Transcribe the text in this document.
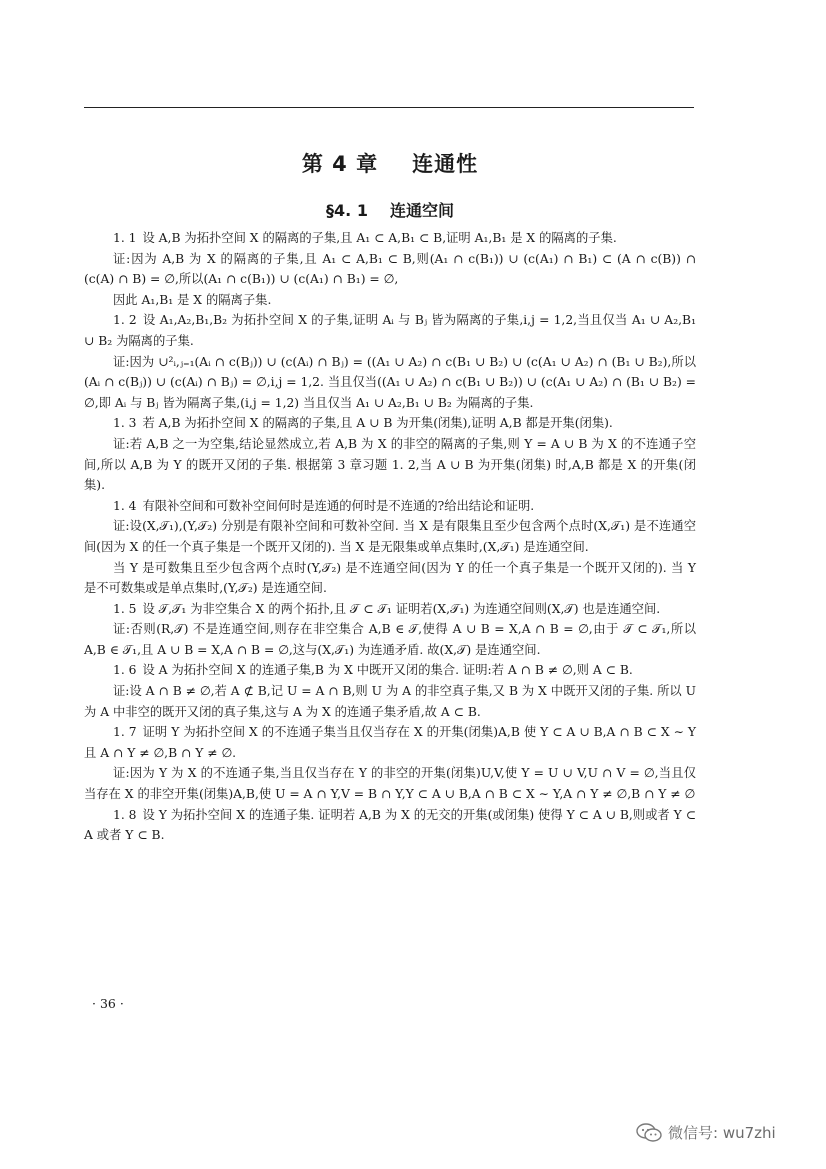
第 4 章 连通性
§4. 1 连通空间

1. 1 设 A,B 为拓扑空间 X 的隔离的子集,且 A₁ ⊂ A,B₁ ⊂ B,证明 A₁,B₁ 是 X 的隔离的子集.

证:因为 A,B 为 X 的隔离的子集,且 A₁ ⊂ A,B₁ ⊂ B,则(A₁ ∩ c(B₁)) ∪ (c(A₁) ∩ B₁) ⊂ (A ∩ c(B)) ∩ (c(A) ∩ B) = ∅,所以(A₁ ∩ c(B₁)) ∪ (c(A₁) ∩ B₁) = ∅,

因此 A₁,B₁ 是 X 的隔离子集.

1. 2 设 A₁,A₂,B₁,B₂ 为拓扑空间 X 的子集,证明 Aᵢ 与 Bⱼ 皆为隔离的子集,i,j = 1,2,当且仅当 A₁ ∪ A₂,B₁ ∪ B₂ 为隔离的子集.

证:因为 ∪²ᵢ,ⱼ₌₁(Aᵢ ∩ c(Bⱼ)) ∪ (c(Aᵢ) ∩ Bⱼ) = ((A₁ ∪ A₂) ∩ c(B₁ ∪ B₂) ∪ (c(A₁ ∪ A₂) ∩ (B₁ ∪ B₂),所以(Aᵢ ∩ c(Bⱼ)) ∪ (c(Aᵢ) ∩ Bⱼ) = ∅,i,j = 1,2. 当且仅当((A₁ ∪ A₂) ∩ c(B₁ ∪ B₂)) ∪ (c(A₁ ∪ A₂) ∩ (B₁ ∪ B₂) = ∅,即 Aᵢ 与 Bⱼ 皆为隔离子集,(i,j = 1,2) 当且仅当 A₁ ∪ A₂,B₁ ∪ B₂ 为隔离的子集.

1. 3 若 A,B 为拓扑空间 X 的隔离的子集,且 A ∪ B 为开集(闭集),证明 A,B 都是开集(闭集).

证:若 A,B 之一为空集,结论显然成立,若 A,B 为 X 的非空的隔离的子集,则 Y = A ∪ B 为 X 的不连通子空间,所以 A,B 为 Y 的既开又闭的子集. 根据第 3 章习题 1. 2,当 A ∪ B 为开集(闭集) 时,A,B 都是 X 的开集(闭集).

1. 4 有限补空间和可数补空间何时是连通的何时是不连通的?给出结论和证明.

证:设(X,𝒯₁),(Y,𝒯₂) 分别是有限补空间和可数补空间. 当 X 是有限集且至少包含两个点时(X,𝒯₁) 是不连通空间(因为 X 的任一个真子集是一个既开又闭的). 当 X 是无限集或单点集时,(X,𝒯₁) 是连通空间.

当 Y 是可数集且至少包含两个点时(Y,𝒯₂) 是不连通空间(因为 Y 的任一个真子集是一个既开又闭的). 当 Y 是不可数集或是单点集时,(Y,𝒯₂) 是连通空间.

1. 5 设 𝒯,𝒯₁ 为非空集合 X 的两个拓扑,且 𝒯 ⊂ 𝒯₁ 证明若(X,𝒯₁) 为连通空间则(X,𝒯) 也是连通空间.

证:否则(R,𝒯) 不是连通空间,则存在非空集合 A,B ∈ 𝒯,使得 A ∪ B = X,A ∩ B = ∅,由于 𝒯 ⊂ 𝒯₁,所以 A,B ∈ 𝒯₁,且 A ∪ B = X,A ∩ B = ∅,这与(X,𝒯₁) 为连通矛盾. 故(X,𝒯) 是连通空间.

1. 6 设 A 为拓扑空间 X 的连通子集,B 为 X 中既开又闭的集合. 证明:若 A ∩ B ≠ ∅,则 A ⊂ B.

证:设 A ∩ B ≠ ∅,若 A ⊄ B,记 U = A ∩ B,则 U 为 A 的非空真子集,又 B 为 X 中既开又闭的子集. 所以 U 为 A 中非空的既开又闭的真子集,这与 A 为 X 的连通子集矛盾,故 A ⊂ B.

1. 7 证明 Y 为拓扑空间 X 的不连通子集当且仅当存在 X 的开集(闭集)A,B 使 Y ⊂ A ∪ B,A ∩ B ⊂ X ∼ Y 且 A ∩ Y ≠ ∅,B ∩ Y ≠ ∅.

证:因为 Y 为 X 的不连通子集,当且仅当存在 Y 的非空的开集(闭集)U,V,使 Y = U ∪ V,U ∩ V = ∅,当且仅当存在 X 的非空开集(闭集)A,B,使 U = A ∩ Y,V = B ∩ Y,Y ⊂ A ∪ B,A ∩ B ⊂ X ∼ Y,A ∩ Y ≠ ∅,B ∩ Y ≠ ∅

1. 8 设 Y 为拓扑空间 X 的连通子集. 证明若 A,B 为 X 的无交的开集(或闭集) 使得 Y ⊂ A ∪ B,则或者 Y ⊂ A 或者 Y ⊂ B.

· 36 ·
微信号: wu7zhi
